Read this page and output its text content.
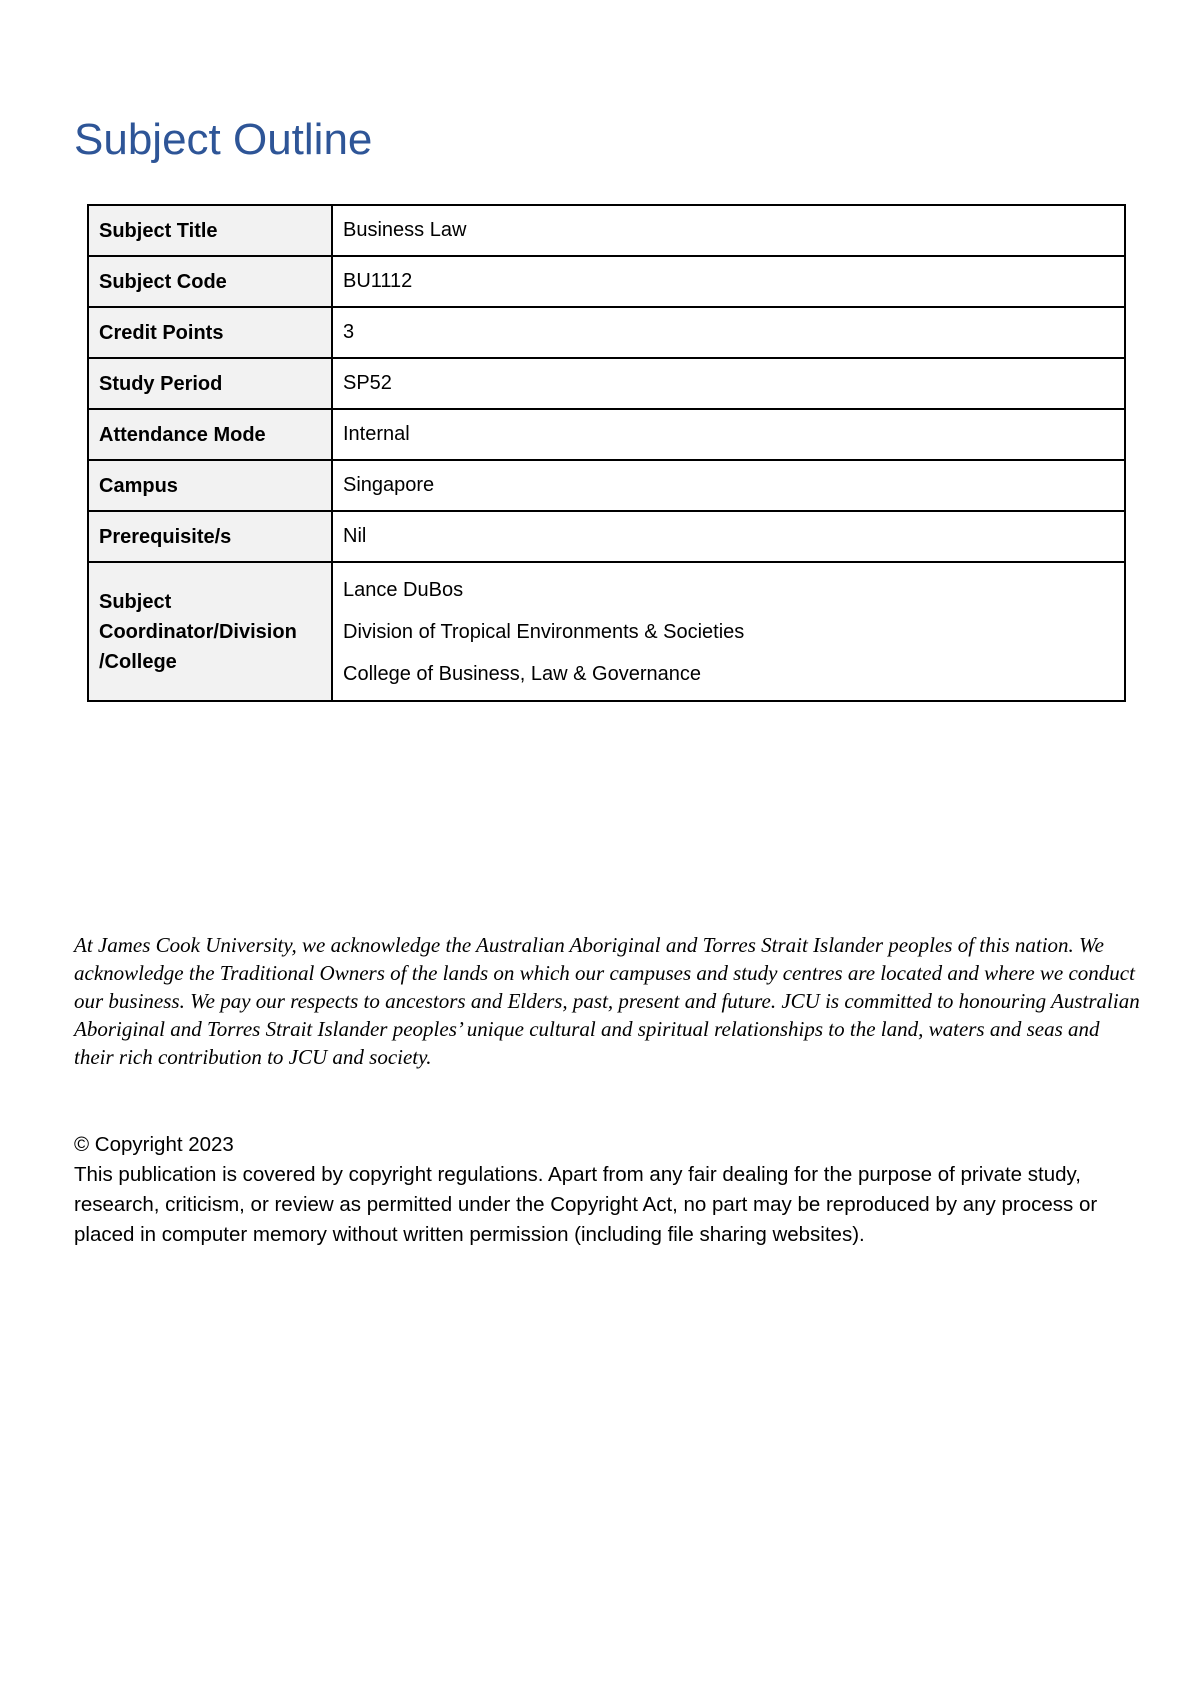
Subject Outline
Subject Title	Business Law
Subject Code	BU1112
Credit Points	3
Study Period	SP52
Attendance Mode	Internal
Campus	Singapore
Prerequisite/s	Nil
Subject Coordinator/Division /College	Lance DuBos
Division of Tropical Environments & Societies
College of Business, Law & Governance

At James Cook University, we acknowledge the Australian Aboriginal and Torres Strait Islander peoples of this nation. We acknowledge the Traditional Owners of the lands on which our campuses and study centres are located and where we conduct our business. We pay our respects to ancestors and Elders, past, present and future. JCU is committed to honouring Australian Aboriginal and Torres Strait Islander peoples’ unique cultural and spiritual relationships to the land, waters and seas and their rich contribution to JCU and society.

© Copyright 2023

This publication is covered by copyright regulations. Apart from any fair dealing for the purpose of private study, research, criticism, or review as permitted under the Copyright Act, no part may be reproduced by any process or placed in computer memory without written permission (including file sharing websites).
